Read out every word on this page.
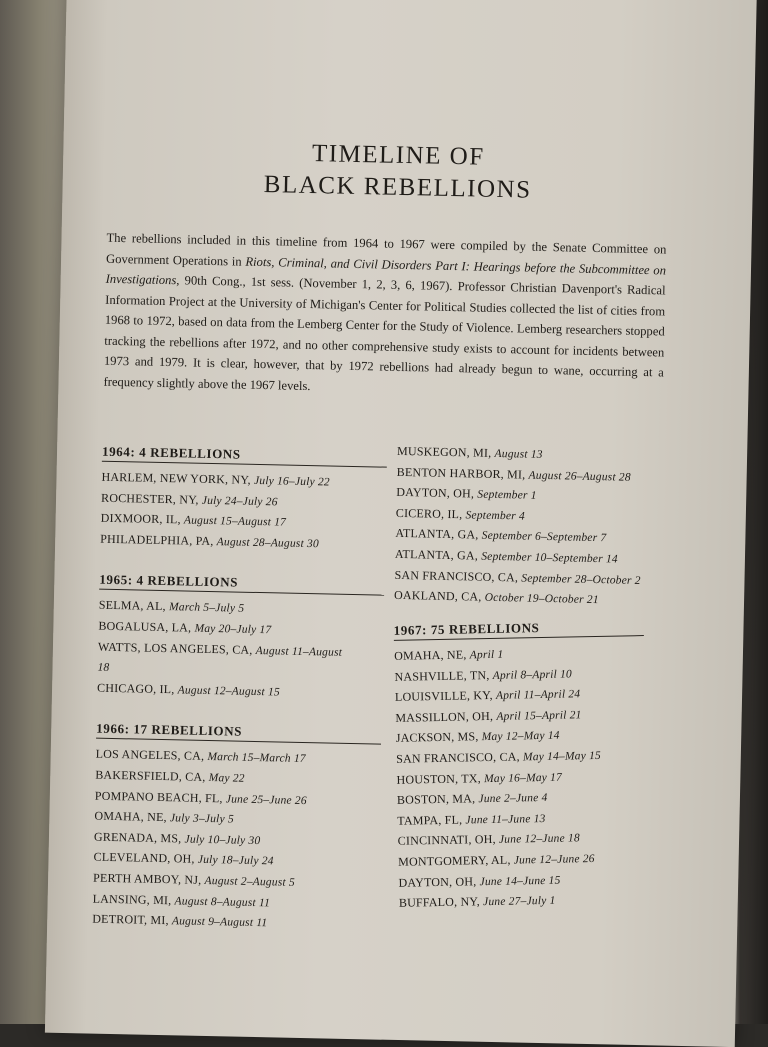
TIMELINE OF
BLACK REBELLIONS

The rebellions included in this timeline from 1964 to 1967 were compiled by the Senate Committee on Government Operations in Riots, Criminal, and Civil Disorders Part I: Hearings before the Subcommittee on Investigations, 90th Cong., 1st sess. (November 1, 2, 3, 6, 1967). Professor Christian Davenport's Radical Information Project at the University of Michigan's Center for Political Studies collected the list of cities from 1968 to 1972, based on data from the Lemberg Center for the Study of Violence. Lemberg researchers stopped tracking the rebellions after 1972, and no other comprehensive study exists to account for incidents between 1973 and 1979. It is clear, however, that by 1972 rebellions had already begun to wane, occurring at a frequency slightly above the 1967 levels.

1964: 4 REBELLIONS
HARLEM, NEW YORK, NY, July 16–July 22
ROCHESTER, NY, July 24–July 26
DIXMOOR, IL, August 15–August 17
PHILADELPHIA, PA, August 28–August 30
1965: 4 REBELLIONS
SELMA, AL, March 5–July 5
BOGALUSA, LA, May 20–July 17
WATTS, LOS ANGELES, CA, August 11–August 18
CHICAGO, IL, August 12–August 15
1966: 17 REBELLIONS
LOS ANGELES, CA, March 15–March 17
BAKERSFIELD, CA, May 22
POMPANO BEACH, FL, June 25–June 26
OMAHA, NE, July 3–July 5
GRENADA, MS, July 10–July 30
CLEVELAND, OH, July 18–July 24
PERTH AMBOY, NJ, August 2–August 5
LANSING, MI, August 8–August 11
DETROIT, MI, August 9–August 11
MUSKEGON, MI, August 13
BENTON HARBOR, MI, August 26–August 28
DAYTON, OH, September 1
CICERO, IL, September 4
ATLANTA, GA, September 6–September 7
ATLANTA, GA, September 10–September 14
SAN FRANCISCO, CA, September 28–October 2
OAKLAND, CA, October 19–October 21
1967: 75 REBELLIONS
OMAHA, NE, April 1
NASHVILLE, TN, April 8–April 10
LOUISVILLE, KY, April 11–April 24
MASSILLON, OH, April 15–April 21
JACKSON, MS, May 12–May 14
SAN FRANCISCO, CA, May 14–May 15
HOUSTON, TX, May 16–May 17
BOSTON, MA, June 2–June 4
TAMPA, FL, June 11–June 13
CINCINNATI, OH, June 12–June 18
MONTGOMERY, AL, June 12–June 26
DAYTON, OH, June 14–June 15
BUFFALO, NY, June 27–July 1
